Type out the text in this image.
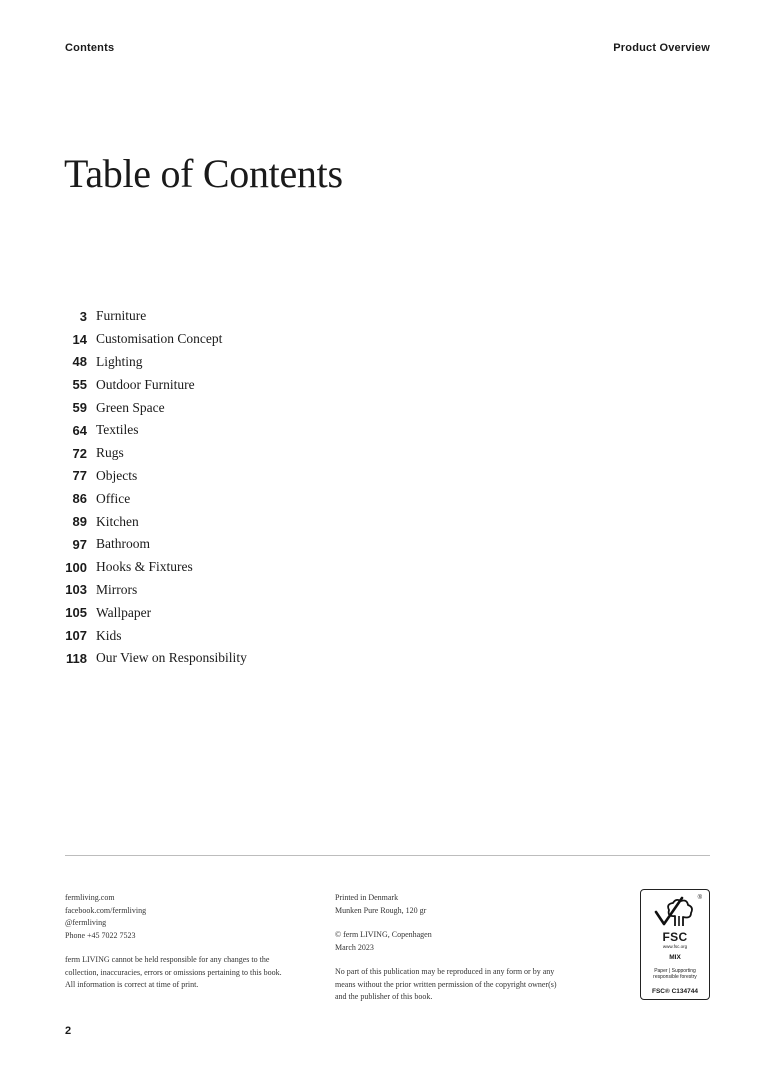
Contents	Product Overview
Table of Contents
3 Furniture
14 Customisation Concept
48 Lighting
55 Outdoor Furniture
59 Green Space
64 Textiles
72 Rugs
77 Objects
86 Office
89 Kitchen
97 Bathroom
100 Hooks & Fixtures
103 Mirrors
105 Wallpaper
107 Kids
118 Our View on Responsibility

fermliving.com

facebook.com/fermliving

@fermliving

Phone +45 7022 7523

ferm LIVING cannot be held responsible for any changes to the

collection, inaccuracies, errors or omissions pertaining to this book.

All information is correct at time of print.

Printed in Denmark

Munken Pure Rough, 120 gr

© ferm LIVING, Copenhagen

March 2023

No part of this publication may be reproduced in any form or by any

means without the prior written permission of the copyright owner(s)

and the publisher of this book.

®
FSC
www.fsc.org
MIX
Paper | Supporting
responsible forestry
FSC® C134744
2
